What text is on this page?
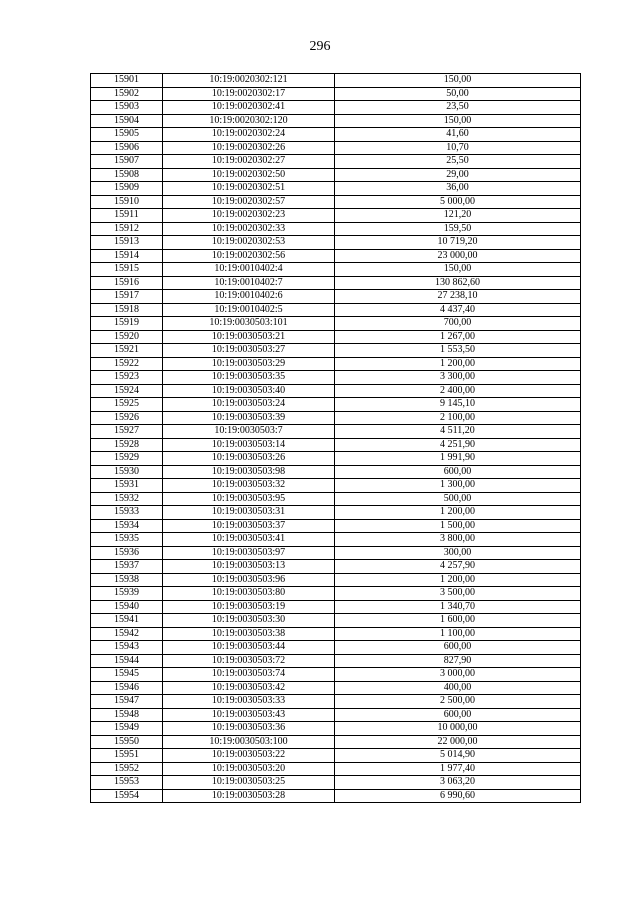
296
15901	10:19:0020302:121	150,00
15902	10:19:0020302:17	50,00
15903	10:19:0020302:41	23,50
15904	10:19:0020302:120	150,00
15905	10:19:0020302:24	41,60
15906	10:19:0020302:26	10,70
15907	10:19:0020302:27	25,50
15908	10:19:0020302:50	29,00
15909	10:19:0020302:51	36,00
15910	10:19:0020302:57	5 000,00
15911	10:19:0020302:23	121,20
15912	10:19:0020302:33	159,50
15913	10:19:0020302:53	10 719,20
15914	10:19:0020302:56	23 000,00
15915	10:19:0010402:4	150,00
15916	10:19:0010402:7	130 862,60
15917	10:19:0010402:6	27 238,10
15918	10:19:0010402:5	4 437,40
15919	10:19:0030503:101	700,00
15920	10:19:0030503:21	1 267,00
15921	10:19:0030503:27	1 553,50
15922	10:19:0030503:29	1 200,00
15923	10:19:0030503:35	3 300,00
15924	10:19:0030503:40	2 400,00
15925	10:19:0030503:24	9 145,10
15926	10:19:0030503:39	2 100,00
15927	10:19:0030503:7	4 511,20
15928	10:19:0030503:14	4 251,90
15929	10:19:0030503:26	1 991,90
15930	10:19:0030503:98	600,00
15931	10:19:0030503:32	1 300,00
15932	10:19:0030503:95	500,00
15933	10:19:0030503:31	1 200,00
15934	10:19:0030503:37	1 500,00
15935	10:19:0030503:41	3 800,00
15936	10:19:0030503:97	300,00
15937	10:19:0030503:13	4 257,90
15938	10:19:0030503:96	1 200,00
15939	10:19:0030503:80	3 500,00
15940	10:19:0030503:19	1 340,70
15941	10:19:0030503:30	1 600,00
15942	10:19:0030503:38	1 100,00
15943	10:19:0030503:44	600,00
15944	10:19:0030503:72	827,90
15945	10:19:0030503:74	3 000,00
15946	10:19:0030503:42	400,00
15947	10:19:0030503:33	2 500,00
15948	10:19:0030503:43	600,00
15949	10:19:0030503:36	10 000,00
15950	10:19:0030503:100	22 000,00
15951	10:19:0030503:22	5 014,90
15952	10:19:0030503:20	1 977,40
15953	10:19:0030503:25	3 063,20
15954	10:19:0030503:28	6 990,60
